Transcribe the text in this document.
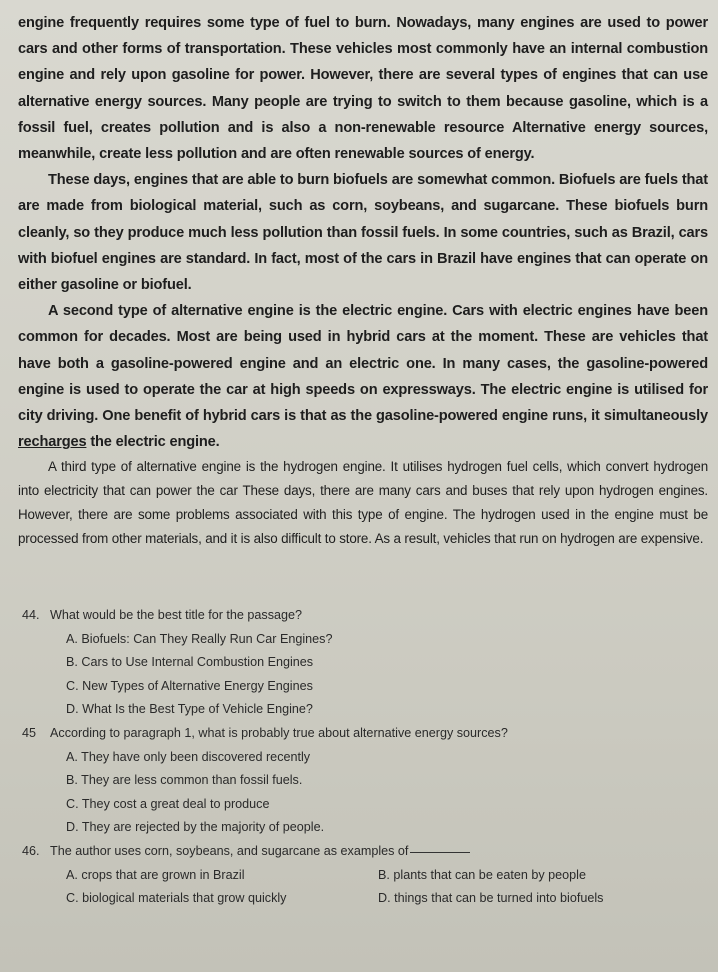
engine frequently requires some type of fuel to burn. Nowadays, many engines are used to power cars and other forms of transportation. These vehicles most commonly have an internal combustion engine and rely upon gasoline for power. However, there are several types of engines that can use alternative energy sources. Many people are trying to switch to them because gasoline, which is a fossil fuel, creates pollution and is also a non-renewable resource Alternative energy sources, meanwhile, create less pollution and are often renewable sources of energy.

These days, engines that are able to burn biofuels are somewhat common. Biofuels are fuels that are made from biological material, such as corn, soybeans, and sugarcane. These biofuels burn cleanly, so they produce much less pollution than fossil fuels. In some countries, such as Brazil, cars with biofuel engines are standard. In fact, most of the cars in Brazil have engines that can operate on either gasoline or biofuel.

A second type of alternative engine is the electric engine. Cars with electric engines have been common for decades. Most are being used in hybrid cars at the moment. These are vehicles that have both a gasoline-powered engine and an electric one. In many cases, the gasoline-powered engine is used to operate the car at high speeds on expressways. The electric engine is utilised for city driving. One benefit of hybrid cars is that as the gasoline-powered engine runs, it simultaneously recharges the electric engine.

A third type of alternative engine is the hydrogen engine. It utilises hydrogen fuel cells, which convert hydrogen into electricity that can power the car These days, there are many cars and buses that rely upon hydrogen engines. However, there are some problems associated with this type of engine. The hydrogen used in the engine must be processed from other materials, and it is also difficult to store. As a result, vehicles that run on hydrogen are expensive.

44. What would be the best title for the passage?
A. Biofuels: Can They Really Run Car Engines?
B. Cars to Use Internal Combustion Engines
C. New Types of Alternative Energy Engines
D. What Is the Best Type of Vehicle Engine?
45	According to paragraph 1, what is probably true about alternative energy sources?
A. They have only been discovered recently
B. They are less common than fossil fuels.
C. They cost a great deal to produce
D. They are rejected by the majority of people.
46. The author uses corn, soybeans, and sugarcane as examples of
A. crops that are grown in Brazil	B. plants that can be eaten by people
C. biological materials that grow quickly	D. things that can be turned into biofuels
